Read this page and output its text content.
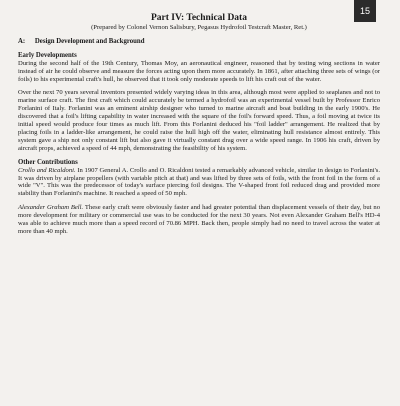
15
Part IV: Technical Data
(Prepared by Colonel Vernon Salisbury, Pegasus Hydrofoil Testcraft Master, Ret.)
A: Design Development and Background
Early Developments

During the second half of the 19th Century, Thomas Moy, an aeronautical engineer, reasoned that by testing wing sections in water instead of air he could observe and measure the forces acting upon them more accurately. In 1861, after attaching three sets of wings (or foils) to his experimental craft's hull, he observed that it took only moderate speeds to lift his craft out of the water.

Over the next 70 years several inventors presented widely varying ideas in this area, although most were applied to seaplanes and not to marine surface craft. The first craft which could accurately be termed a hydrofoil was an experimental vessel built by Professor Enrico Forlanini of Italy. Forlanini was an eminent airship designer who turned to marine aircraft and boat building in the early 1900's. He discovered that a foil's lifting capability in water increased with the square of the foil's forward speed. Thus, a foil moving at twice its initial speed would produce four times as much lift. From this Forlanini deduced his "foil ladder" arrangement. He realized that by placing foils in a ladder-like arrangement, he could raise the hull high off the water, eliminating hull resistance almost entirely. This system gave a ship not only constant lift but also gave it virtually constant drag over a wide speed range. In 1906 his craft, driven by aircraft props, achieved a speed of 44 mph, demonstrating the feasibility of his system.

Other Contributions

Crollo and Ricaldoni. In 1907 General A. Crollo and O. Ricaldoni tested a remarkably advanced vehicle, similar in design to Forlanini's. It was driven by airplane propellers (with variable pitch at that) and was lifted by three sets of foils, with the front foil in the form of a wide "V". This was the predecessor of today's surface piercing foil designs. The V-shaped front foil reduced drag and provided more stability than Forlanini's machine. It reached a speed of 50 mph.

Alexander Graham Bell. These early craft were obviously faster and had greater potential than displacement vessels of their day, but no more development for military or commercial use was to be conducted for the next 30 years. Not even Alexander Graham Bell's HD-4 was able to achieve much more than a speed record of 70.86 MPH. Back then, people simply had no need to travel across the water at more than 40 mph.
